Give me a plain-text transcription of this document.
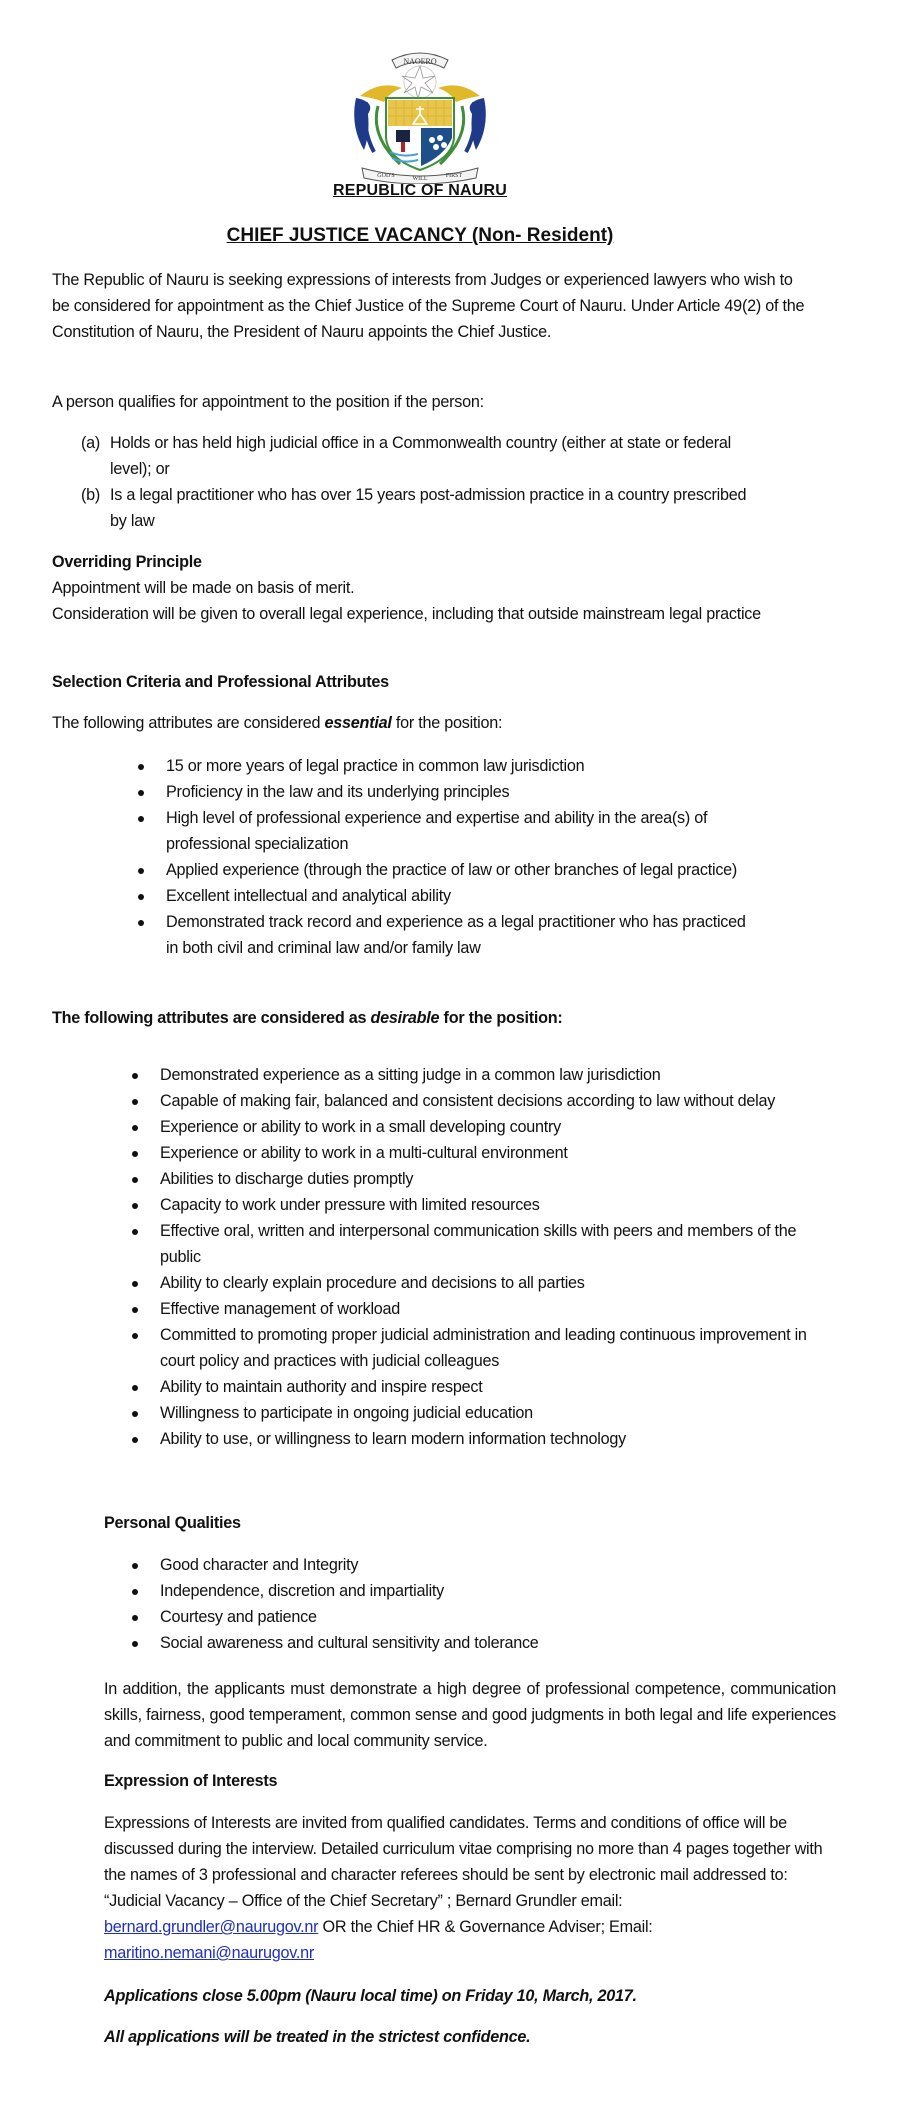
NAOERO
GOD'S	WILL	FIRST
REPUBLIC OF NAURU
CHIEF JUSTICE VACANCY (Non- Resident)
The Republic of Nauru is seeking expressions of interests from Judges or experienced lawyers who wish to be considered for appointment as the Chief Justice of the Supreme Court of Nauru. Under Article 49(2) of the Constitution of Nauru, the President of Nauru appoints the Chief Justice.
A person qualifies for appointment to the position if the person:
(a) Holds or has held high judicial office in a Commonwealth country (either at state or federal level); or
(b) Is a legal practitioner who has over 15 years post-admission practice in a country prescribed by law
Overriding Principle
Appointment will be made on basis of merit.
Consideration will be given to overall legal experience, including that outside mainstream legal practice
Selection Criteria and Professional Attributes
The following attributes are considered essential for the position:
15 or more years of legal practice in common law jurisdiction
Proficiency in the law and its underlying principles
High level of professional experience and expertise and ability in the area(s) of professional specialization
Applied experience (through the practice of law or other branches of legal practice)
Excellent intellectual and analytical ability
Demonstrated track record and experience as a legal practitioner who has practiced in both civil and criminal law and/or family law
The following attributes are considered as desirable for the position:
Demonstrated experience as a sitting judge in a common law jurisdiction
Capable of making fair, balanced and consistent decisions according to law without delay
Experience or ability to work in a small developing country
Experience or ability to work in a multi-cultural environment
Abilities to discharge duties promptly
Capacity to work under pressure with limited resources
Effective oral, written and interpersonal communication skills with peers and members of the public
Ability to clearly explain procedure and decisions to all parties
Effective management of workload
Committed to promoting proper judicial administration and leading continuous improvement in court policy and practices with judicial colleagues
Ability to maintain authority and inspire respect
Willingness to participate in ongoing judicial education
Ability to use, or willingness to learn modern information technology
Personal Qualities
Good character and Integrity
Independence, discretion and impartiality
Courtesy and patience
Social awareness and cultural sensitivity and tolerance
In addition, the applicants must demonstrate a high degree of professional competence, communication skills, fairness, good temperament, common sense and good judgments in both legal and life experiences and commitment to public and local community service.
Expression of Interests
Expressions of Interests are invited from qualified candidates. Terms and conditions of office will be discussed during the interview. Detailed curriculum vitae comprising no more than 4 pages together with the names of 3 professional and character referees should be sent by electronic mail addressed to: “Judicial Vacancy – Office of the Chief Secretary” ; Bernard Grundler email: bernard.grundler@naurugov.nr OR the Chief HR & Governance Adviser; Email: maritino.nemani@naurugov.nr
Applications close 5.00pm (Nauru local time) on Friday 10, March, 2017.
All applications will be treated in the strictest confidence.
